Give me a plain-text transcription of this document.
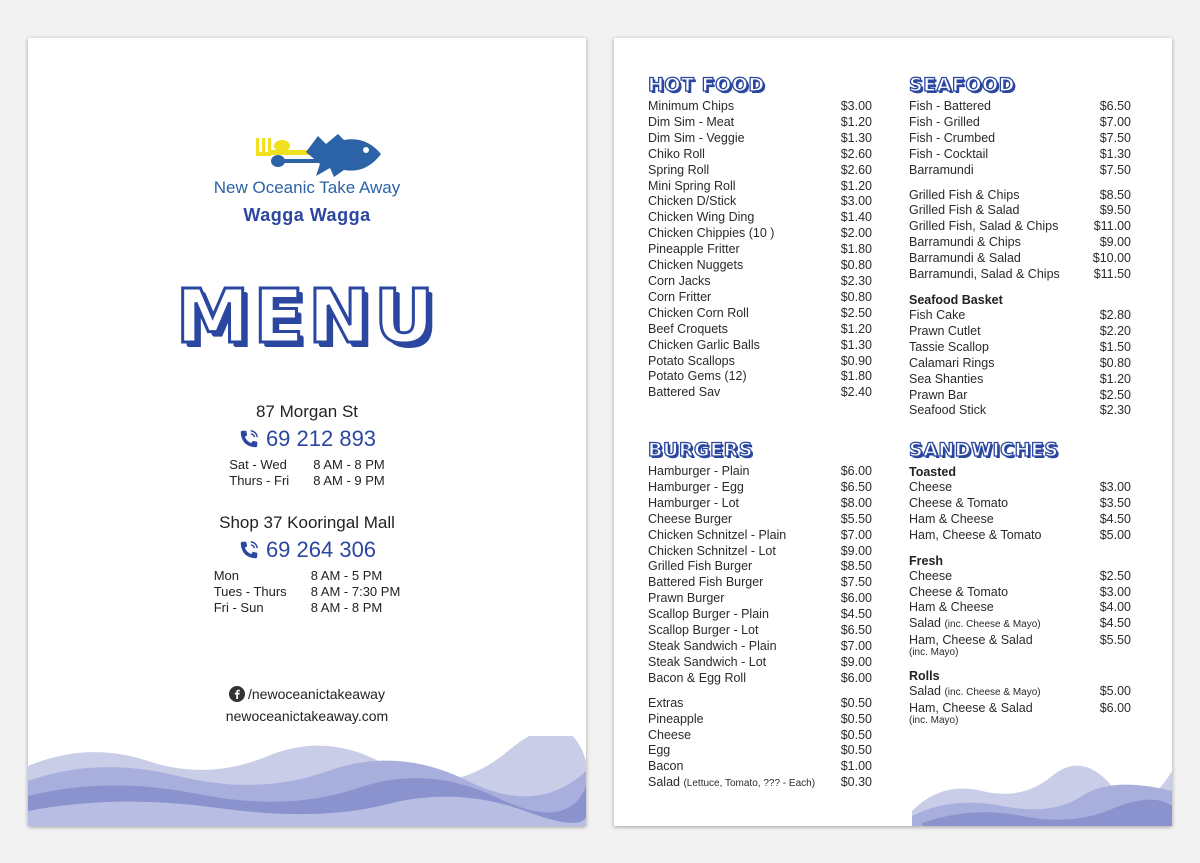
New Oceanic Take Away
Wagga Wagga
MENU
87 Morgan St
69 212 893
Sat - Wed	8 AM - 8 PM
Thurs - Fri	8 AM - 9 PM
Shop 37 Kooringal Mall
69 264 306
Mon	8 AM - 5 PM
Tues - Thurs	8 AM - 7:30 PM
Fri - Sun	8 AM - 8 PM
/newoceanictakeaway
newoceanictakeaway.com
HOT FOOD
Minimum Chips	$3.00
Dim Sim - Meat	$1.20
Dim Sim - Veggie	$1.30
Chiko Roll	$2.60
Spring Roll	$2.60
Mini Spring Roll	$1.20
Chicken D/Stick	$3.00
Chicken Wing Ding	$1.40
Chicken Chippies (10 )	$2.00
Pineapple Fritter	$1.80
Chicken Nuggets	$0.80
Corn Jacks	$2.30
Corn Fritter	$0.80
Chicken Corn Roll	$2.50
Beef Croquets	$1.20
Chicken Garlic Balls	$1.30
Potato Scallops	$0.90
Potato Gems (12)	$1.80
Battered Sav	$2.40
BURGERS
Hamburger - Plain	$6.00
Hamburger - Egg	$6.50
Hamburger - Lot	$8.00
Cheese Burger	$5.50
Chicken Schnitzel - Plain	$7.00
Chicken Schnitzel - Lot	$9.00
Grilled Fish Burger	$8.50
Battered Fish Burger	$7.50
Prawn Burger	$6.00
Scallop Burger - Plain	$4.50
Scallop Burger - Lot	$6.50
Steak Sandwich - Plain	$7.00
Steak Sandwich - Lot	$9.00
Bacon & Egg Roll	$6.00
Extras	$0.50
Pineapple	$0.50
Cheese	$0.50
Egg	$0.50
Bacon	$1.00
Salad (Lettuce, Tomato, ??? - Each) $0.30
SEAFOOD
Fish - Battered	$6.50
Fish - Grilled	$7.00
Fish - Crumbed	$7.50
Fish - Cocktail	$1.30
Barramundi	$7.50
Grilled Fish & Chips	$8.50
Grilled Fish & Salad	$9.50
Grilled Fish, Salad & Chips	$11.00
Barramundi & Chips	$9.00
Barramundi & Salad	$10.00
Barramundi, Salad & Chips	$11.50
Seafood Basket
Fish Cake	$2.80
Prawn Cutlet	$2.20
Tassie Scallop	$1.50
Calamari Rings	$0.80
Sea Shanties	$1.20
Prawn Bar	$2.50
Seafood Stick	$2.30
SANDWICHES
Toasted
Cheese	$3.00
Cheese & Tomato	$3.50
Ham & Cheese	$4.50
Ham, Cheese & Tomato	$5.00
Fresh
Cheese	$2.50
Cheese & Tomato	$3.00
Ham & Cheese	$4.00
Salad (inc. Cheese & Mayo)	$4.50
Ham, Cheese & Salad	$5.50
(inc. Mayo)
Rolls
Salad (inc. Cheese & Mayo)	$5.00
Ham, Cheese & Salad	$6.00
(inc. Mayo)
